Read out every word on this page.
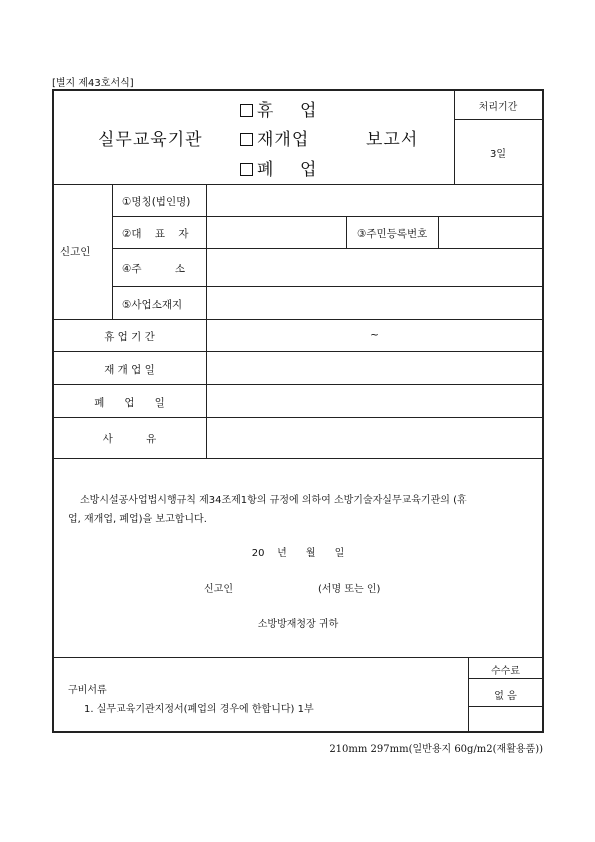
[별지 제43호서식]
실무교육기관
휴    업
재개업
폐    업
보고서
처리기간
3일
신고인
①명칭(법인명)
②대    표    자	③주민등록번호
④주          소
⑤사업소재지
휴 업 기 간	~
재 개 업 일
폐      업      일
사          유
소방시설공사업법시행규칙 제34조제1항의 규정에 의하여 소방기술자실무교육기관의 (휴
업, 재개업, 폐업)을 보고합니다.
20    년      월      일
신고인	(서명 또는 인)
소방방재청장 귀하
구비서류
1. 실무교육기관지정서(폐업의 경우에 한합니다) 1부
수수료
없 음
210mm 297mm(일반용지 60g/m2(재활용품))
